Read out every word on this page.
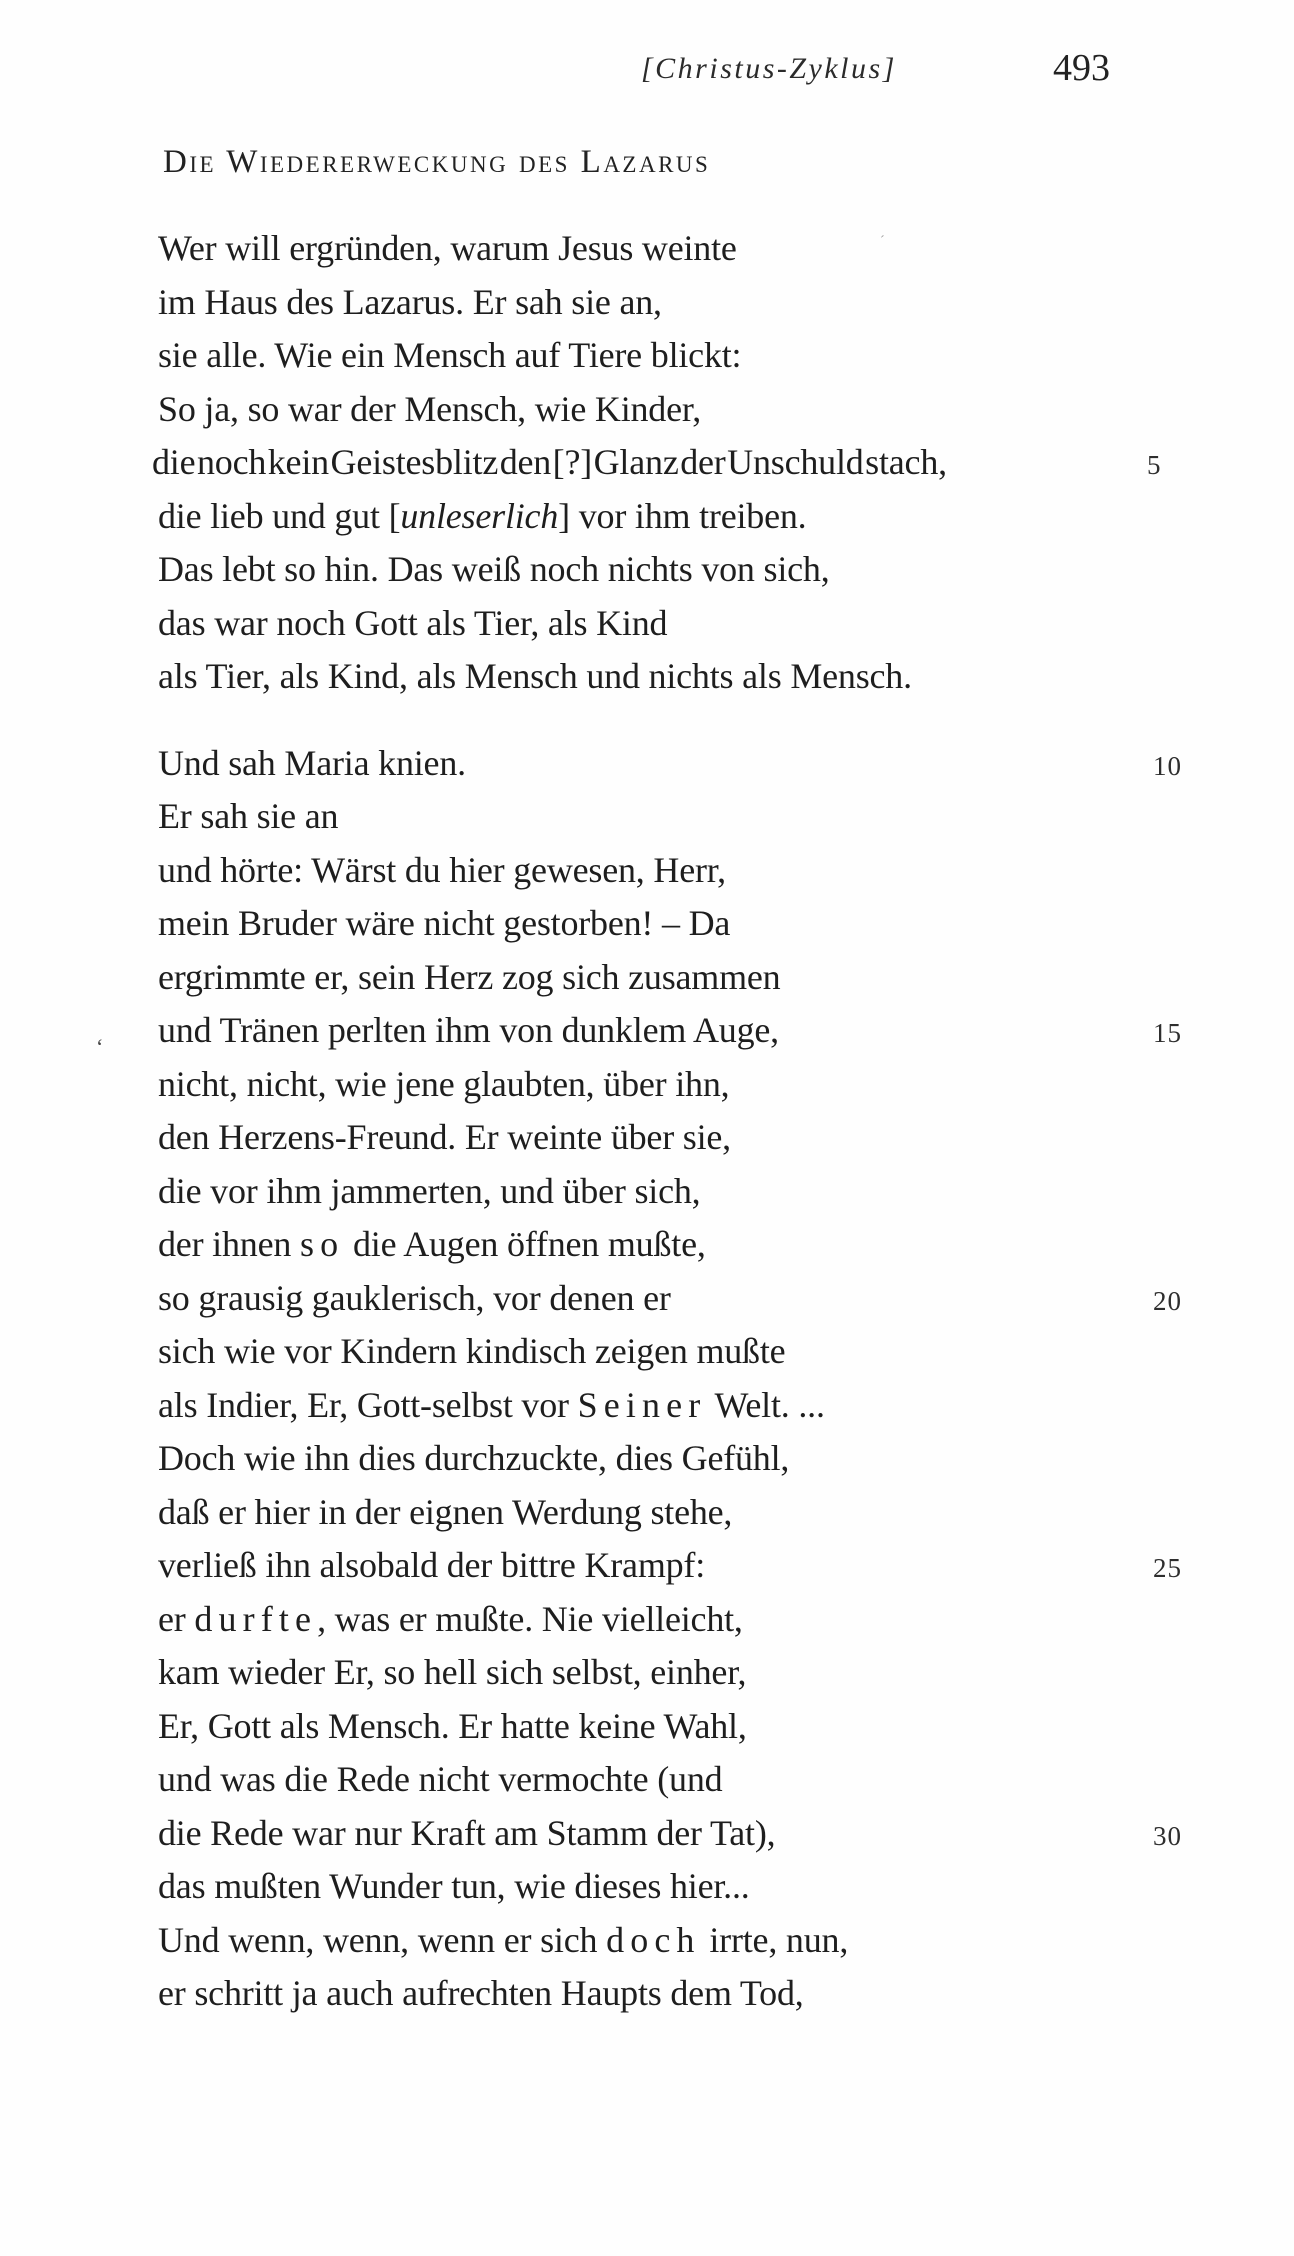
[Christus-Zyklus]	493
Die Wiedererweckung des Lazarus
Wer will ergründen, warum Jesus weinte
im Haus des Lazarus. Er sah sie an,
sie alle. Wie ein Mensch auf Tiere blickt:
So ja, so war der Mensch, wie Kinder,
die noch kein Geistesblitz den [?] Glanz der Unschuld stach,	5
die lieb und gut [unleserlich] vor ihm treiben.
Das lebt so hin. Das weiß noch nichts von sich,
das war noch Gott als Tier, als Kind
als Tier, als Kind, als Mensch und nichts als Mensch.
Und sah Maria knien.	10
Er sah sie an
und hörte: Wärst du hier gewesen, Herr,
mein Bruder wäre nicht gestorben! – Da
ergrimmte er, sein Herz zog sich zusammen
und Tränen perlten ihm von dunklem Auge,	15
nicht, nicht, wie jene glaubten, über ihn,
den Herzens-Freund. Er weinte über sie,
die vor ihm jammerten, und über sich,
der ihnen so die Augen öffnen mußte,
so grausig gauklerisch, vor denen er	20
sich wie vor Kindern kindisch zeigen mußte
als Indier, Er, Gott-selbst vor Seiner Welt. ...
Doch wie ihn dies durchzuckte, dies Gefühl,
daß er hier in der eignen Werdung stehe,
verließ ihn alsobald der bittre Krampf:	25
er durfte, was er mußte. Nie vielleicht,
kam wieder Er, so hell sich selbst, einher,
Er, Gott als Mensch. Er hatte keine Wahl,
und was die Rede nicht vermochte (und
die Rede war nur Kraft am Stamm der Tat),	30
das mußten Wunder tun, wie dieses hier...
Und wenn, wenn, wenn er sich doch irrte, nun,
er schritt ja auch aufrechten Haupts dem Tod,
ʻ
ˊ
